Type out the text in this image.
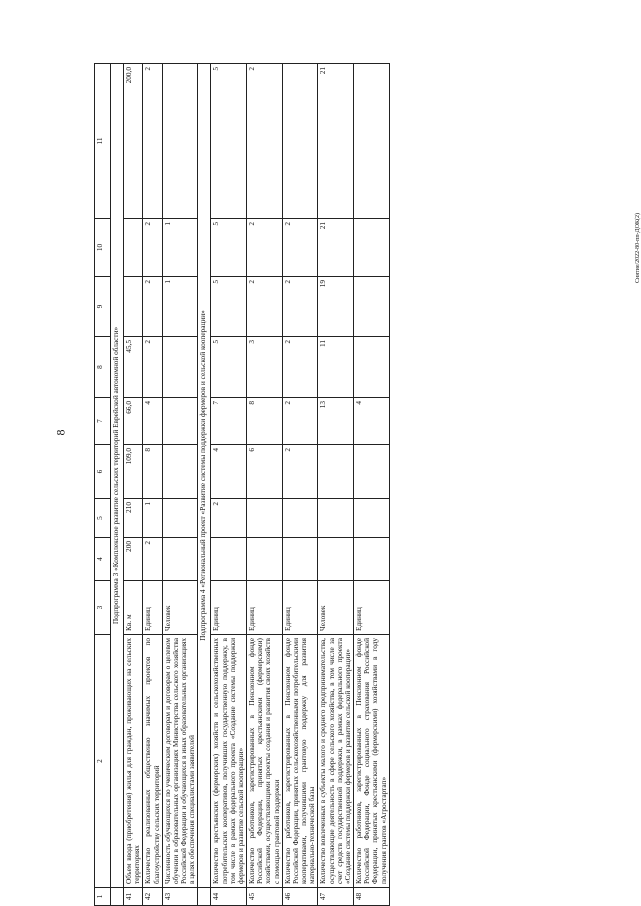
8
Снятие/2022-80-пп-ДОК(2)
1	2	3	4	5	6	7	8	9	10	11
	Подпрограмма 3 «Комплексное развитие сельских территорий Еврейской автономной области»									
41	Объем ввода (приобретения) жилья для граждан, проживающих на сельских территориях	Кв. м	200	210	109,0	66,0	45,5			200,0
42	Количество реализованных общественно значимых проектов по благоустройству сельских территорий	Единиц	2	1	8	4	2	2	2	2
43	Численность обучающихся по ученическим договорам и договорам о целевом обучении в образовательных организациях Министерства сельского хозяйства Российской Федерации и обучающихся в иных образовательных организациях в целях обеспечения специалистами заявителей	Человек						1	1	
	Подпрограмма 4 «Региональный проект «Развитие системы поддержки фермеров и сельской кооперации»									
44	Количество крестьянских (фермерских) хозяйств и сельскохозяйственных потребительских кооперативов, получивших государственную поддержку, в том числе в рамках федерального проекта «Создание системы поддержки фермеров и развитие сельской кооперации»	Единиц		2	4	7	5	5	5	5
45	Количество работников, зарегистрированных в Пенсионном фонде Российской Федерации, принятых крестьянскими (фермерскими) хозяйствами, осуществляющими проекты создания и развития своих хозяйств с помощью грантовой поддержки	Единиц			6	8	3	2	2	2
46	Количество работников, зарегистрированных в Пенсионном фонде Российской Федерации, принятых сельскохозяйственными потребительскими кооперативами, получившими грантовую поддержку для развития материально-технической базы	Единиц			2	2	2	2	2	
47	Количество вовлеченных в субъекты малого и среднего предпринимательства, осуществляющие деятельность в сфере сельского хозяйства, в том числе за счет средств государственной поддержки, в рамках федерального проекта «Создание системы поддержки фермеров и развитие сельской кооперации»	Человек				13	11	19	21	21
48	Количество работников, зарегистрированных в Пенсионном фонде Российской Федерации, Фонде социального страхования Российской Федерации, принятых крестьянскими (фермерскими) хозяйствами в году получения грантов «Агростартап»	Единиц				4				
